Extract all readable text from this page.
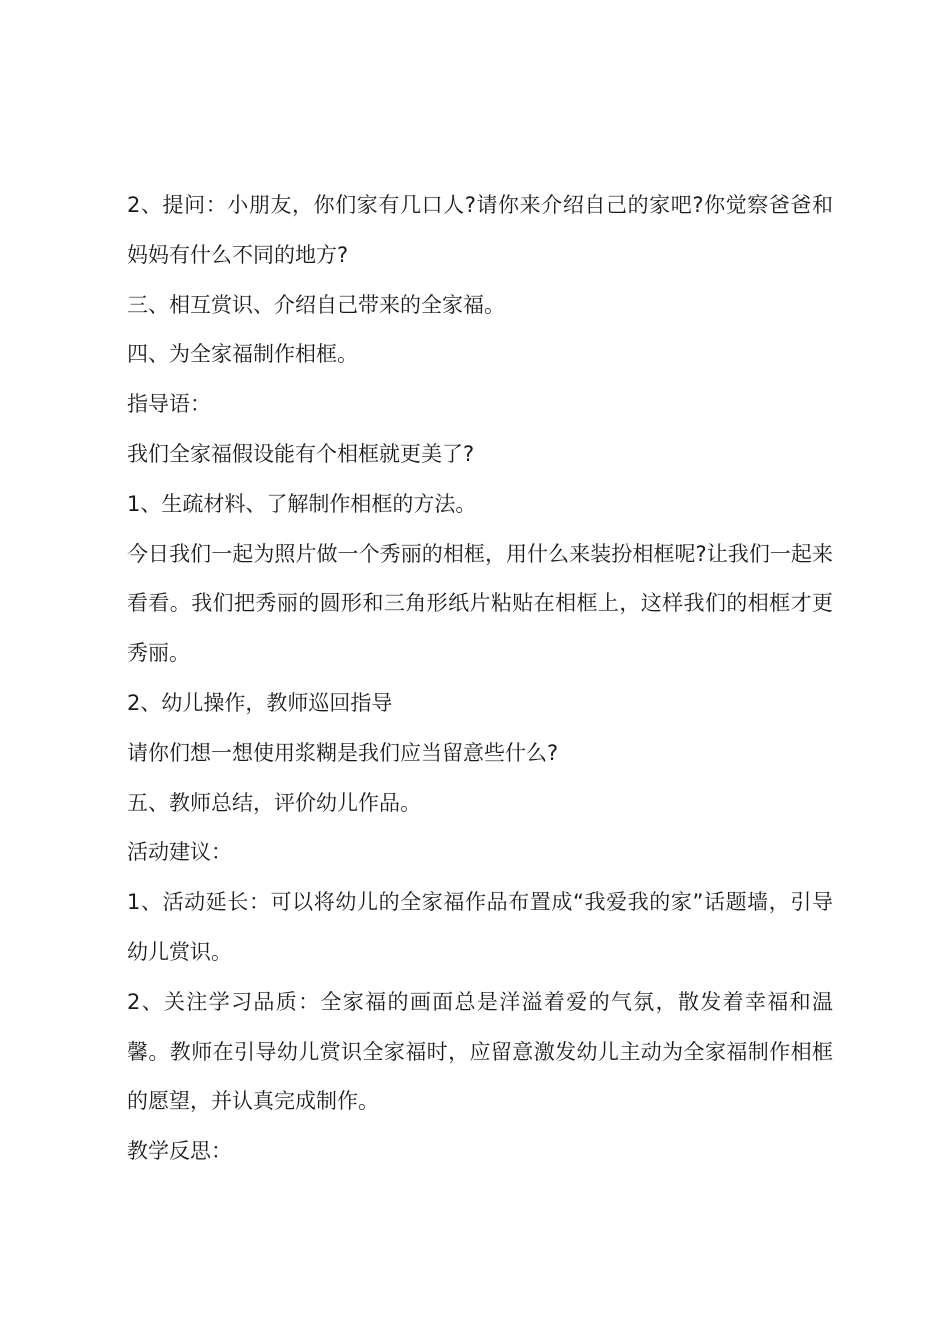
2、提问：小朋友，你们家有几口人?请你来介绍自己的家吧?你觉察爸爸和妈妈有什么不同的地方?

三、相互赏识、介绍自己带来的全家福。

四、为全家福制作相框。

指导语：

我们全家福假设能有个相框就更美了?

1、生疏材料、了解制作相框的方法。

今日我们一起为照片做一个秀丽的相框，用什么来装扮相框呢?让我们一起来看看。我们把秀丽的圆形和三角形纸片粘贴在相框上，这样我们的相框才更秀丽。

2、幼儿操作，教师巡回指导

请你们想一想使用浆糊是我们应当留意些什么?

五、教师总结，评价幼儿作品。

活动建议：

1、活动延长：可以将幼儿的全家福作品布置成“我爱我的家”话题墙，引导幼儿赏识。

2、关注学习品质：全家福的画面总是洋溢着爱的气氛，散发着幸福和温馨。教师在引导幼儿赏识全家福时，应留意激发幼儿主动为全家福制作相框的愿望，并认真完成制作。

教学反思：
